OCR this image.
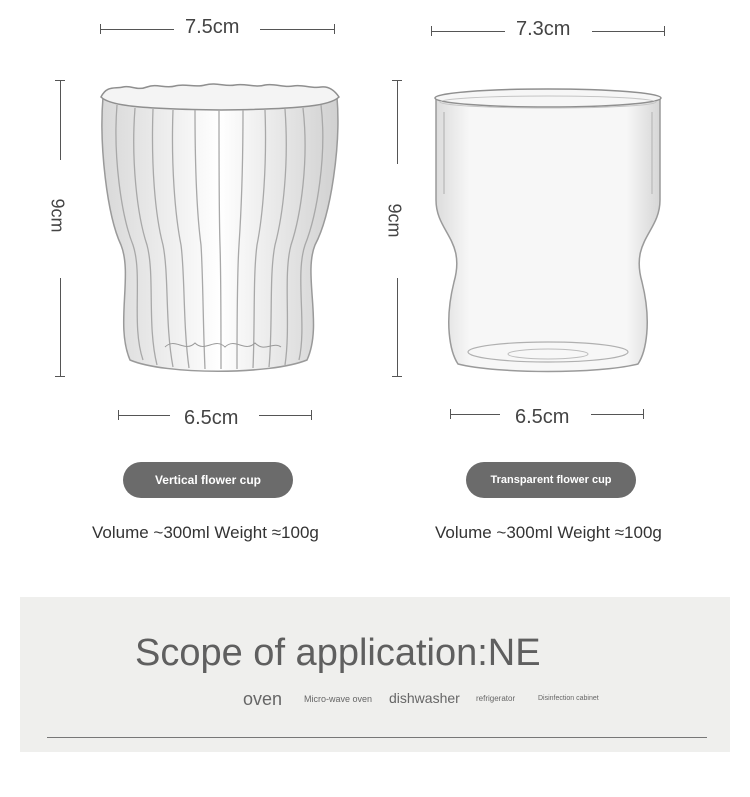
7.5cm
9cm
6.5cm
Vertical flower cup
Volume ~300ml Weight ≈100g
7.3cm
9cm
6.5cm
Transparent flower cup
Volume ~300ml Weight ≈100g
Scope of application:NE
oven Micro-wave oven dishwasher refrigerator	Disinfection cabinet
